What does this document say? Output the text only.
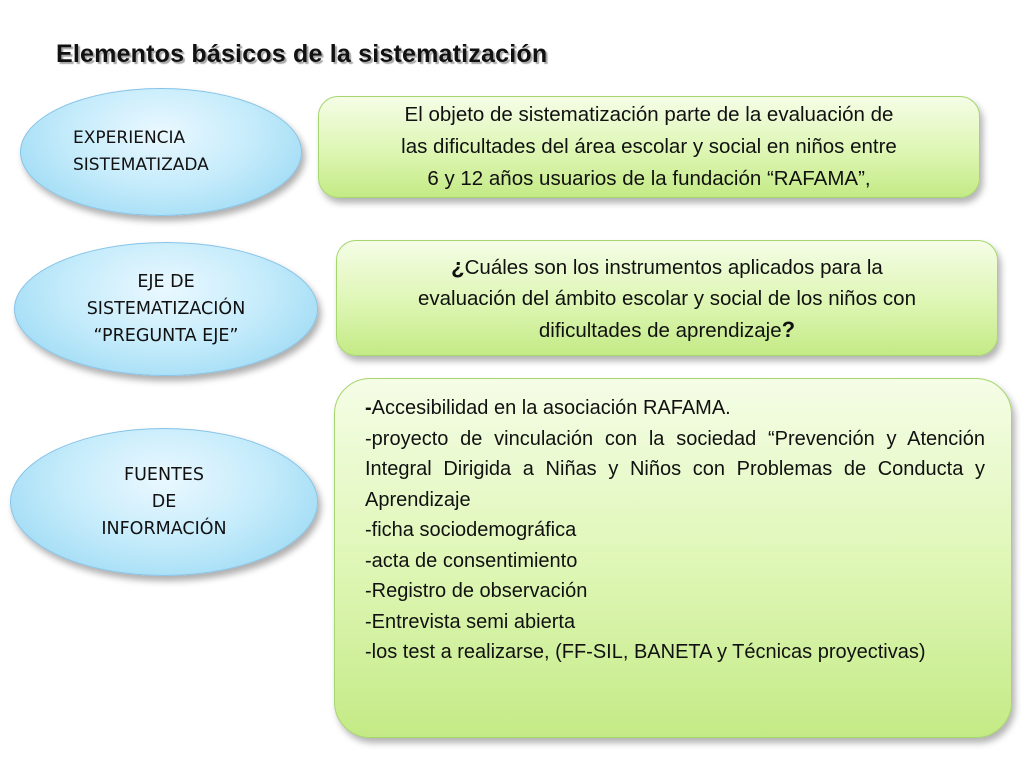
Elementos básicos de la sistematización
EXPERIENCIA
SISTEMATIZADA
El objeto de sistematización parte de la evaluación de
las dificultades del área escolar y social en niños entre
6 y 12 años usuarios de la fundación “RAFAMA”,
EJE DE
SISTEMATIZACIÓN
“PREGUNTA EJE”
¿Cuáles son los instrumentos aplicados para la
evaluación del ámbito escolar y social de los niños con
dificultades de aprendizaje?
FUENTES
DE
INFORMACIÓN
-Accesibilidad en la asociación RAFAMA.
-proyecto de vinculación con la sociedad “Prevención y Atención Integral Dirigida a Niñas y Niños con Problemas de Conducta y Aprendizaje
-ficha sociodemográfica
-acta de consentimiento
-Registro de observación
-Entrevista semi abierta
-los test a realizarse, (FF-SIL, BANETA y Técnicas proyectivas)
